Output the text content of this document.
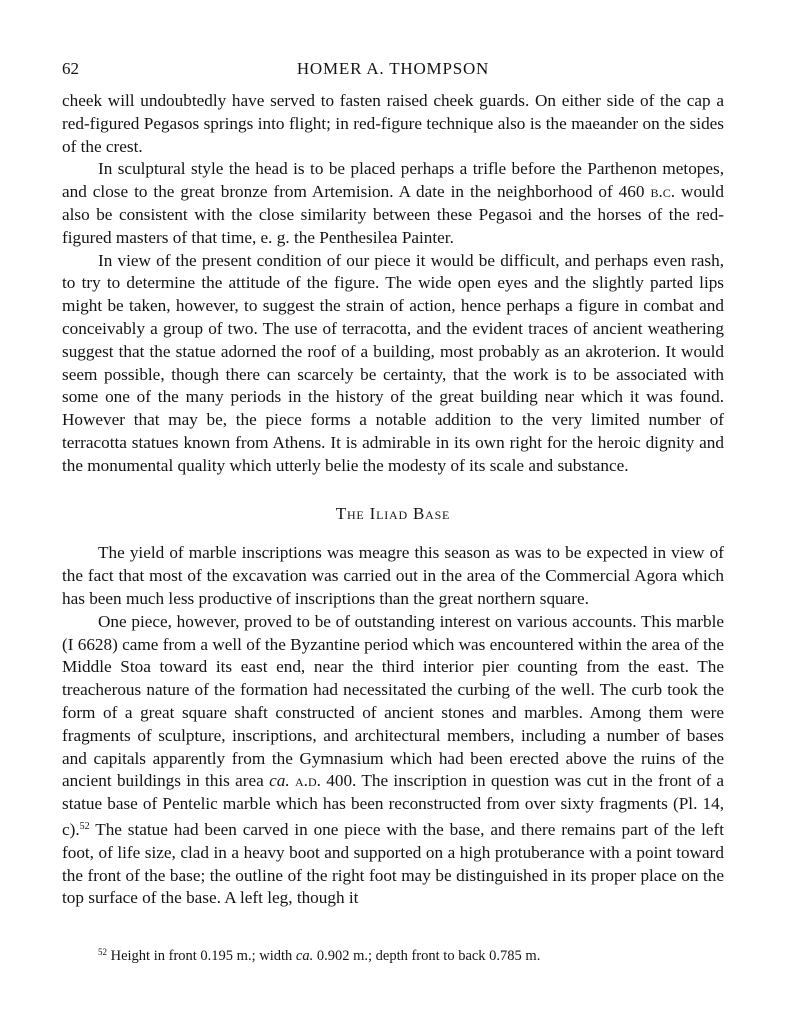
62	HOMER A. THOMPSON

cheek will undoubtedly have served to fasten raised cheek guards. On either side of the cap a red-figured Pegasos springs into flight; in red-figure technique also is the maeander on the sides of the crest.

In sculptural style the head is to be placed perhaps a trifle before the Parthenon metopes, and close to the great bronze from Artemision. A date in the neighborhood of 460 b.c. would also be consistent with the close similarity between these Pegasoi and the horses of the red-figured masters of that time, e. g. the Penthesilea Painter.

In view of the present condition of our piece it would be difficult, and perhaps even rash, to try to determine the attitude of the figure. The wide open eyes and the slightly parted lips might be taken, however, to suggest the strain of action, hence perhaps a figure in combat and conceivably a group of two. The use of terracotta, and the evident traces of ancient weathering suggest that the statue adorned the roof of a building, most probably as an akroterion. It would seem possible, though there can scarcely be certainty, that the work is to be associated with some one of the many periods in the history of the great building near which it was found. However that may be, the piece forms a notable addition to the very limited number of terracotta statues known from Athens. It is admirable in its own right for the heroic dignity and the monumental quality which utterly belie the modesty of its scale and substance.

The Iliad Base

The yield of marble inscriptions was meagre this season as was to be expected in view of the fact that most of the excavation was carried out in the area of the Commercial Agora which has been much less productive of inscriptions than the great northern square.

One piece, however, proved to be of outstanding interest on various accounts. This marble (I 6628) came from a well of the Byzantine period which was encountered within the area of the Middle Stoa toward its east end, near the third interior pier counting from the east. The treacherous nature of the formation had necessitated the curbing of the well. The curb took the form of a great square shaft constructed of ancient stones and marbles. Among them were fragments of sculpture, inscriptions, and architectural members, including a number of bases and capitals apparently from the Gymnasium which had been erected above the ruins of the ancient buildings in this area ca. a.d. 400. The inscription in question was cut in the front of a statue base of Pentelic marble which has been reconstructed from over sixty fragments (Pl. 14, c).$^{52}$ The statue had been carved in one piece with the base, and there remains part of the left foot, of life size, clad in a heavy boot and supported on a high protuberance with a point toward the front of the base; the outline of the right foot may be distinguished in its proper place on the top surface of the base. A left leg, though it

$^{52}$ Height in front 0.195 m.; width ca. 0.902 m.; depth front to back 0.785 m.
